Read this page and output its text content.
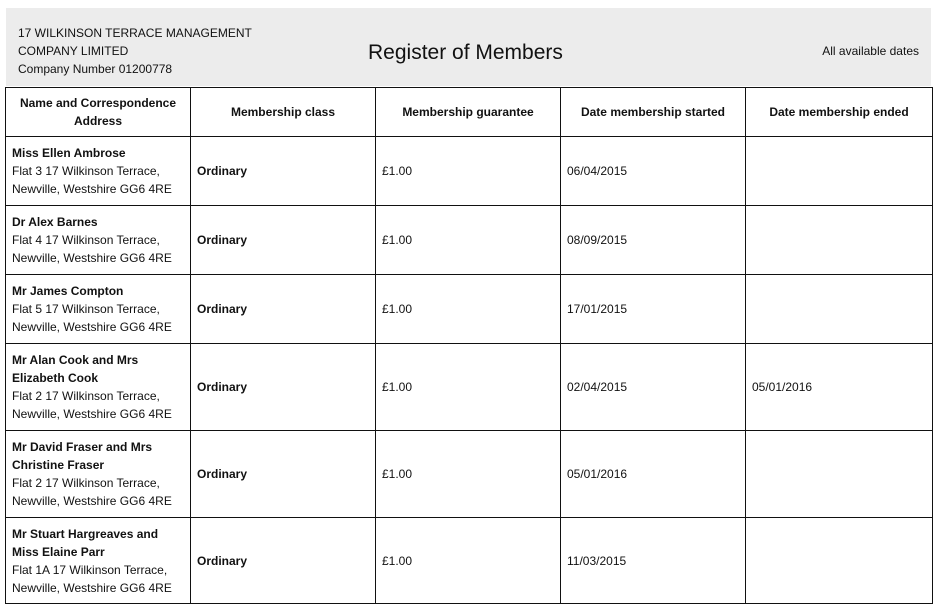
17 WILKINSON TERRACE MANAGEMENT
COMPANY LIMITED
Company Number 01200778
Register of Members	All available dates
Name and Correspondence Address	Membership class	Membership guarantee	Date membership started	Date membership ended

Miss Ellen Ambrose
Flat 3 17 Wilkinson Terrace,
Newville, Westshire GG6 4RE	Ordinary	£1.00	06/04/2015	

Dr Alex Barnes
Flat 4 17 Wilkinson Terrace,
Newville, Westshire GG6 4RE	Ordinary	£1.00	08/09/2015	

Mr James Compton
Flat 5 17 Wilkinson Terrace,
Newville, Westshire GG6 4RE	Ordinary	£1.00	17/01/2015	

Mr Alan Cook and Mrs Elizabeth Cook
Flat 2 17 Wilkinson Terrace,
Newville, Westshire GG6 4RE	Ordinary	£1.00	02/04/2015	05/01/2016

Mr David Fraser and Mrs Christine Fraser
Flat 2 17 Wilkinson Terrace,
Newville, Westshire GG6 4RE	Ordinary	£1.00	05/01/2016	

Mr Stuart Hargreaves and Miss Elaine Parr
Flat 1A 17 Wilkinson Terrace,
Newville, Westshire GG6 4RE	Ordinary	£1.00	11/03/2015	
